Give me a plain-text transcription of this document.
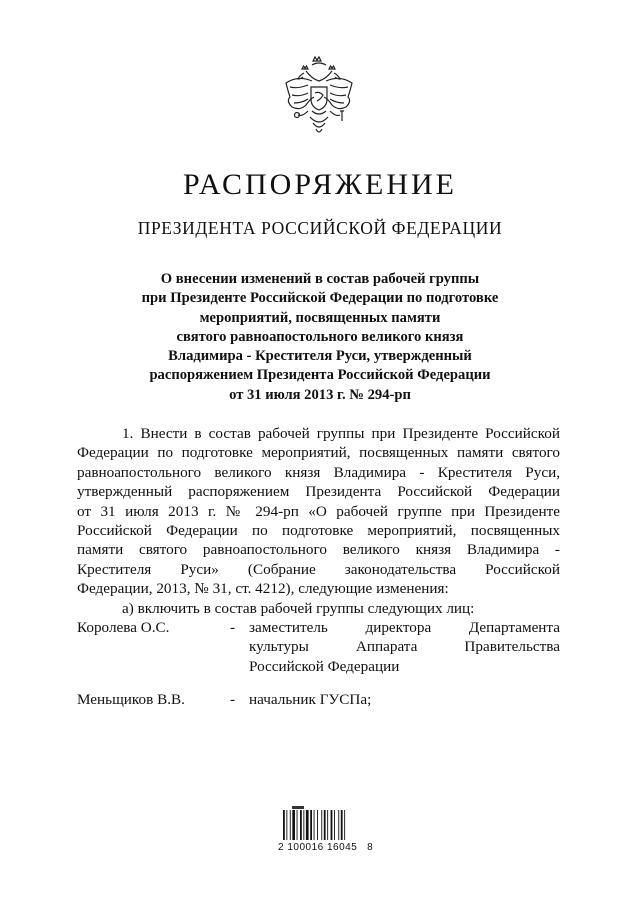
РАСПОРЯЖЕНИЕ
ПРЕЗИДЕНТА РОССИЙСКОЙ ФЕДЕРАЦИИ
О внесении изменений в состав рабочей группы
при Президенте Российской Федерации по подготовке
мероприятий, посвященных памяти
святого равноапостольного великого князя
Владимира - Крестителя Руси, утвержденный
распоряжением Президента Российской Федерации
от 31 июля 2013 г. № 294-рп
1. Внести в состав рабочей группы при Президенте Российской
Федерации по подготовке мероприятий, посвященных памяти святого
равноапостольного великого князя Владимира - Крестителя Руси,
утвержденный распоряжением Президента Российской Федерации
от 31 июля 2013 г. № 294-рп «О рабочей группе при Президенте
Российской Федерации по подготовке мероприятий, посвященных
памяти святого равноапостольного великого князя Владимира -
Крестителя Руси» (Собрание законодательства Российской
Федерации, 2013, № 31, ст. 4212), следующие изменения:
а) включить в состав рабочей группы следующих лиц:
Королева О.С.	- заместитель директора Департамента
культуры Аппарата Правительства
Российской Федерации
Меньщиков В.В.	- начальник ГУСПа;
2 100016 16045   8
